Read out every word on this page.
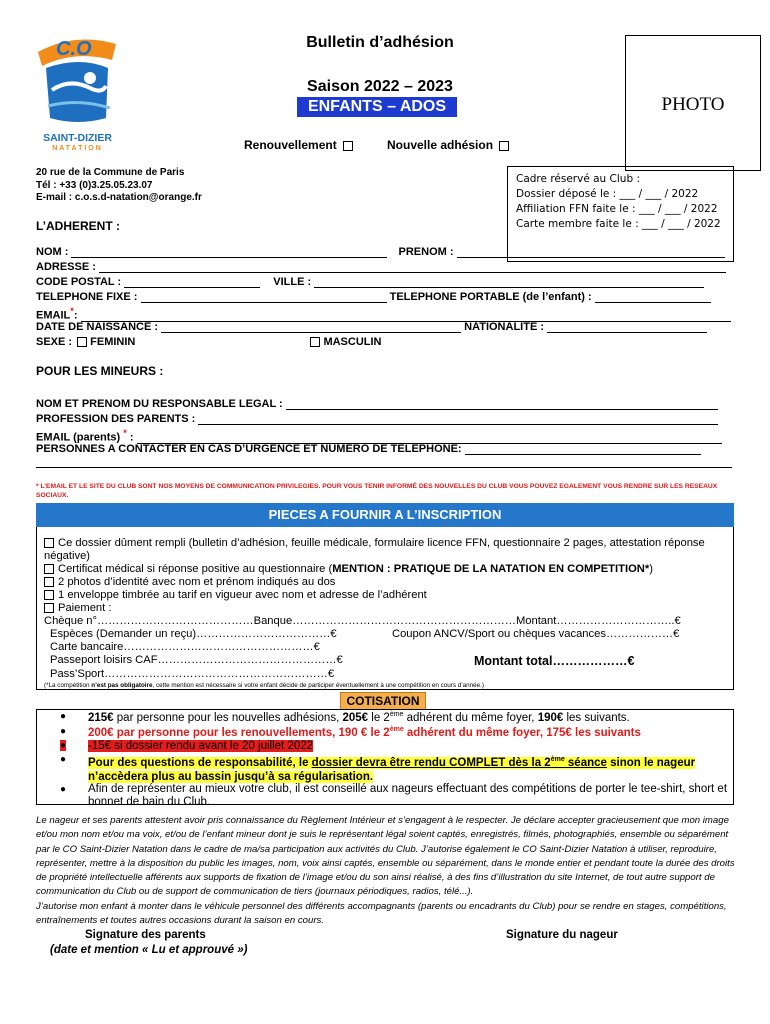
C.O
SAINT-DIZIER
NATATION
Bulletin d’adhésion
Saison 2022 – 2023
ENFANTS – ADOS	PHOTO
Renouvellement	Nouvelle adhésion
20 rue de la Commune de Paris
Tél : +33 (0)3.25.05.23.07
E-mail : c.o.s.d-natation@orange.fr
Cadre réservé au Club :
Dossier déposé le : ___ / ___ / 2022
Affiliation FFN faite le : ___ / ___ / 2022
Carte membre faite le : ___ / ___ / 2022
L’ADHERENT :
NOM :	PRENOM :
ADRESSE :
CODE POSTAL :	VILLE :
TELEPHONE FIXE :	TELEPHONE PORTABLE (de l’enfant) :
EMAIL*:
DATE DE NAISSANCE :	NATIONALITE :
SEXE : FEMININ	MASCULIN
POUR LES MINEURS :
NOM ET PRENOM DU RESPONSABLE LEGAL :
PROFESSION DES PARENTS :
EMAIL (parents) * :
PERSONNES A CONTACTER EN CAS D’URGENCE ET NUMERO DE TELEPHONE:
* L’EMAIL ET LE SITE DU CLUB SONT NOS MOYENS DE COMMUNICATION PRIVILEGIES. POUR VOUS TENIR INFORMÉ DES NOUVELLES DU CLUB VOUS POUVEZ EGALEMENT VOUS RENDRE SUR LES RESEAUX SOCIAUX.
PIECES A FOURNIR A L’INSCRIPTION
Ce dossier dûment rempli (bulletin d’adhésion, feuille médicale, formulaire licence FFN, questionnaire 2 pages, attestation réponse négative)
Certificat médical si réponse positive au questionnaire (MENTION : PRATIQUE DE LA NATATION EN COMPETITION*)
2 photos d’identité avec nom et prénom indiqués au dos
1 enveloppe timbrée au tarif en vigueur avec nom et adresse de l’adhérent
Paiement :
Chèque n°……………………………………Banque……………………………………………………Montant…………………………..€
Espèces (Demander un reçu)………………………………€	Coupon ANCV/Sport ou chèques vacances………………€
Carte bancaire……………………………………………€
Passeport loisirs CAF…………………………………………€	Montant total………………€
Pass’Sport……………………………………………………€
(*La compétition n’est pas obligatoire, cette mention est nécessaire si votre enfant décide de participer éventuellement à une compétition en cours d’année.)
COTISATION
● 215€ par personne pour les nouvelles adhésions, 205€ le 2ème adhérent du même foyer, 190€ les suivants.
● 200€ par personne pour les renouvellements, 190 € le 2ème adhérent du même foyer, 175€ les suivants
● -15€ si dossier rendu avant le 20 juillet 2022
● Pour des questions de responsabilité, le dossier devra être rendu COMPLET dès la 2ème séance sinon le nageur n’accèdera plus au bassin jusqu’à sa régularisation.
● Afin de représenter au mieux votre club, il est conseillé aux nageurs effectuant des compétitions de porter le tee-shirt, short et bonnet de bain du Club.
Le nageur et ses parents attestent avoir pris connaissance du Règlement Intérieur et s’engagent à le respecter. Je déclare accepter gracieusement que mon image et/ou mon nom et/ou ma voix, et/ou de l’enfant mineur dont je suis le représentant légal soient captés, enregistrés, filmés, photographiés, ensemble ou séparément par le CO Saint-Dizier Natation dans le cadre de ma/sa participation aux activités du Club. J’autorise également le CO Saint-Dizier Natation à utiliser, reproduire, représenter, mettre à la disposition du public les images, nom, voix ainsi captés, ensemble ou séparément, dans le monde entier et pendant toute la durée des droits de propriété intellectuelle afférents aux supports de fixation de l’image et/ou du son ainsi réalisé, à des fins d’illustration du site Internet, de tout autre support de communication du Club ou de support de communication de tiers (journaux périodiques, radios, télé...).
J’autorise mon enfant à monter dans le véhicule personnel des différents accompagnants (parents ou encadrants du Club) pour se rendre en stages, compétitions, entraînements et toutes autres occasions durant la saison en cours.
Signature des parents
(date et mention « Lu et approuvé »)
Signature du nageur
